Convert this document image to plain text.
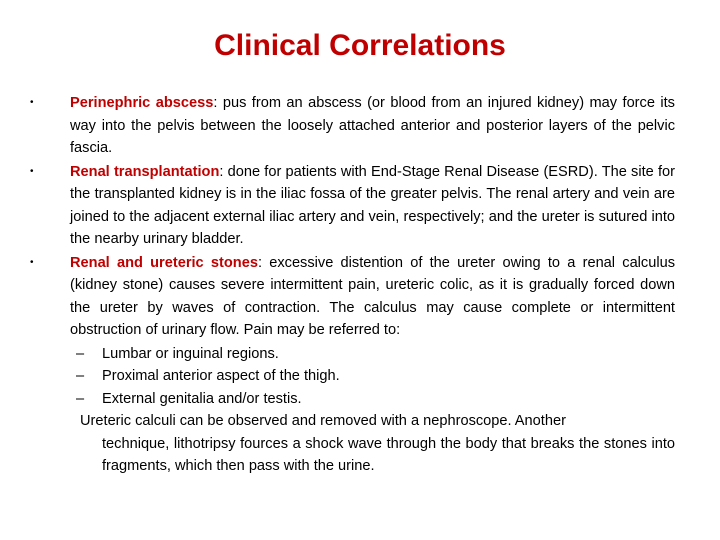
Clinical Correlations
•	Perinephric abscess: pus from an abscess (or blood from an injured kidney) may force its way into the pelvis between the loosely attached anterior and posterior layers of the pelvic fascia.
•	Renal transplantation: done for patients with End-Stage Renal Disease (ESRD). The site for the transplanted kidney is in the iliac fossa of the greater pelvis. The renal artery and vein are joined to the adjacent external iliac artery and vein, respectively; and the ureter is sutured into the nearby urinary bladder.
•	Renal and ureteric stones: excessive distention of the ureter owing to a renal calculus (kidney stone) causes severe intermittent pain, ureteric colic, as it is gradually forced down the ureter by waves of contraction. The calculus may cause complete or intermittent obstruction of urinary flow. Pain may be referred to:
– Lumbar or inguinal regions.
– Proximal anterior aspect of the thigh.
– External genitalia and/or testis.
Ureteric calculi can be observed and removed with a nephroscope. Another
technique, lithotripsy fources a shock wave through the body that breaks the stones into fragments, which then pass with the urine.
